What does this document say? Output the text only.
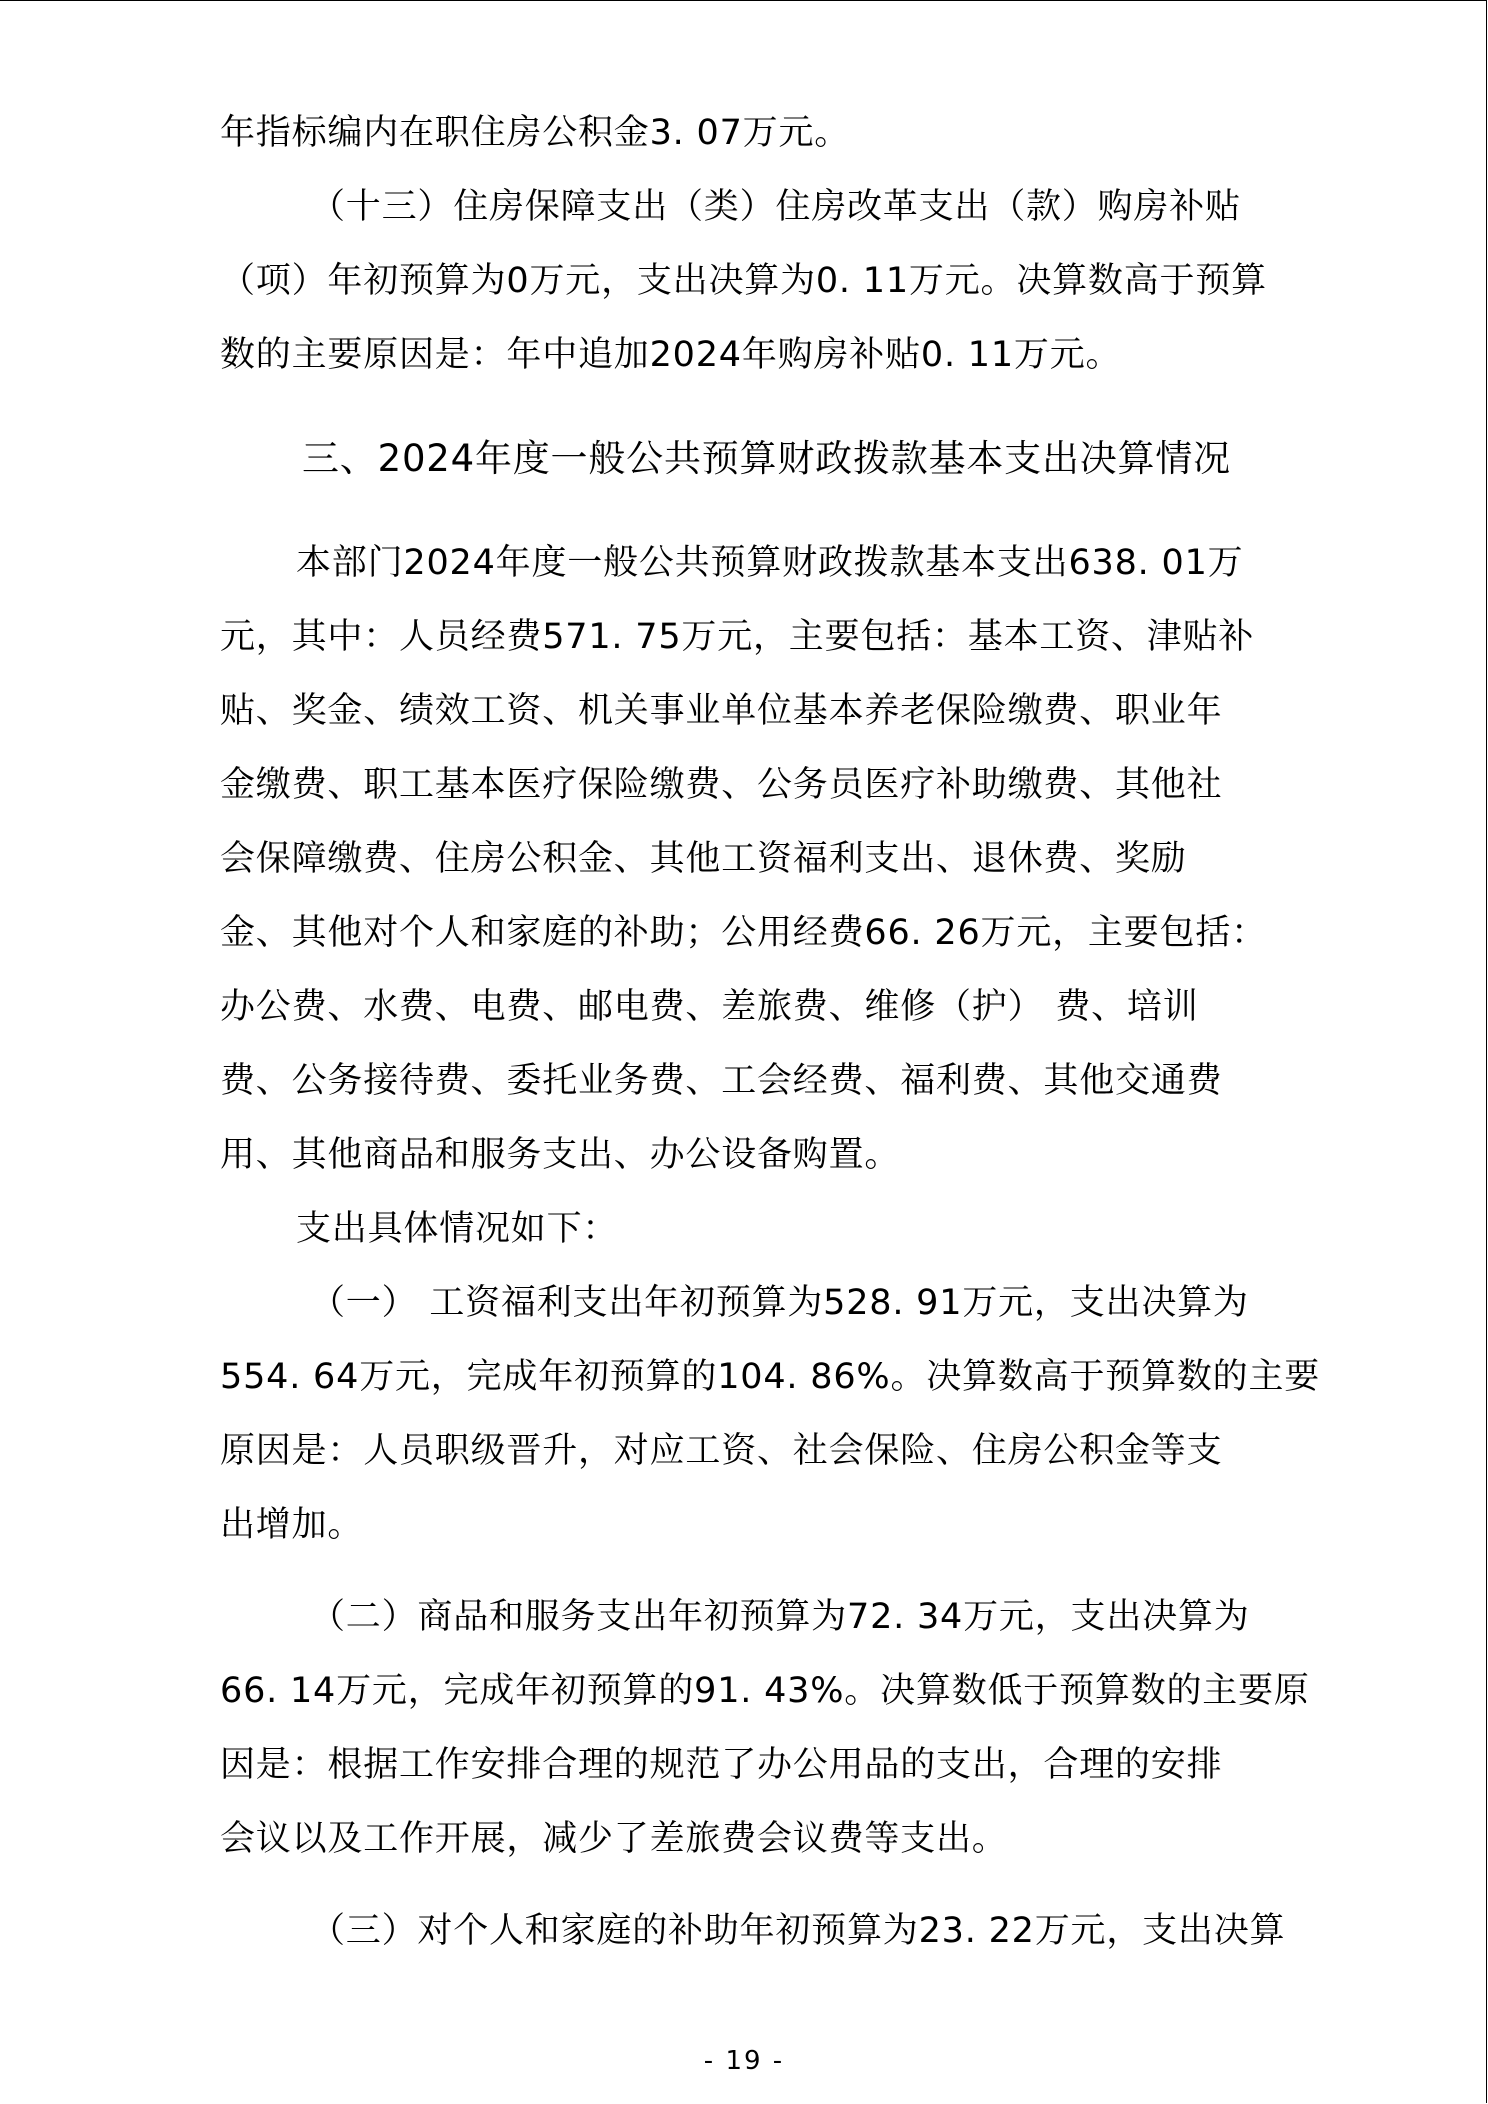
年指标编内在职住房公积金3. 07万元。
（十三）住房保障支出（类）住房改革支出（款）购房补贴
（项）年初预算为0万元，支出决算为0. 11万元。决算数高于预算
数的主要原因是：年中追加2024年购房补贴0. 11万元。
三、2024年度一般公共预算财政拨款基本支出决算情况
本部门2024年度一般公共预算财政拨款基本支出638. 01万
元，其中：人员经费571. 75万元，主要包括：基本工资、津贴补
贴、奖金、绩效工资、机关事业单位基本养老保险缴费、职业年
金缴费、职工基本医疗保险缴费、公务员医疗补助缴费、其他社
会保障缴费、住房公积金、其他工资福利支出、退休费、奖励
金、其他对个人和家庭的补助；公用经费66. 26万元，主要包括：
办公费、水费、电费、邮电费、差旅费、维修（护） 费、培训
费、公务接待费、委托业务费、工会经费、福利费、其他交通费
用、其他商品和服务支出、办公设备购置。
支出具体情况如下：
（一） 工资福利支出年初预算为528. 91万元，支出决算为
554. 64万元，完成年初预算的104. 86%。决算数高于预算数的主要
原因是：人员职级晋升，对应工资、社会保险、住房公积金等支
出增加。
（二）商品和服务支出年初预算为72. 34万元，支出决算为
66. 14万元，完成年初预算的91. 43%。决算数低于预算数的主要原
因是：根据工作安排合理的规范了办公用品的支出，合理的安排
会议以及工作开展，减少了差旅费会议费等支出。
（三）对个人和家庭的补助年初预算为23. 22万元，支出决算
- 19 -
